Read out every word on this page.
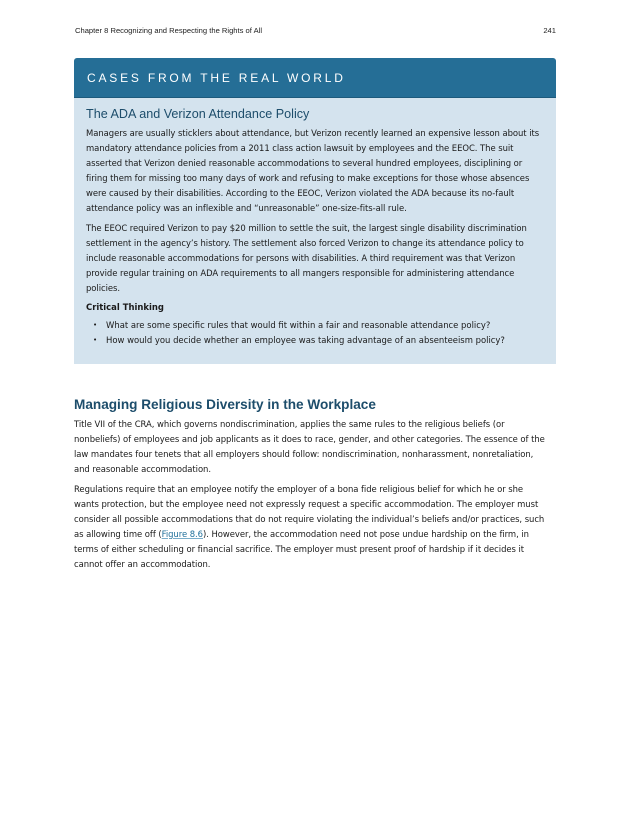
Chapter 8 Recognizing and Respecting the Rights of All	241
CASES FROM THE REAL WORLD
The ADA and Verizon Attendance Policy

Managers are usually sticklers about attendance, but Verizon recently learned an expensive lesson about its mandatory attendance policies from a 2011 class action lawsuit by employees and the EEOC. The suit asserted that Verizon denied reasonable accommodations to several hundred employees, disciplining or firing them for missing too many days of work and refusing to make exceptions for those whose absences were caused by their disabilities. According to the EEOC, Verizon violated the ADA because its no-fault attendance policy was an inflexible and “unreasonable” one-size-fits-all rule.

The EEOC required Verizon to pay $20 million to settle the suit, the largest single disability discrimination settlement in the agency’s history. The settlement also forced Verizon to change its attendance policy to include reasonable accommodations for persons with disabilities. A third requirement was that Verizon provide regular training on ADA requirements to all mangers responsible for administering attendance policies.

Critical Thinking
• What are some specific rules that would fit within a fair and reasonable attendance policy?
• How would you decide whether an employee was taking advantage of an absenteeism policy?
Managing Religious Diversity in the Workplace

Title VII of the CRA, which governs nondiscrimination, applies the same rules to the religious beliefs (or nonbeliefs) of employees and job applicants as it does to race, gender, and other categories. The essence of the law mandates four tenets that all employers should follow: nondiscrimination, nonharassment, nonretaliation, and reasonable accommodation.

Regulations require that an employee notify the employer of a bona fide religious belief for which he or she wants protection, but the employee need not expressly request a specific accommodation. The employer must consider all possible accommodations that do not require violating the individual’s beliefs and/or practices, such as allowing time off (Figure 8.6). However, the accommodation need not pose undue hardship on the firm, in terms of either scheduling or financial sacrifice. The employer must present proof of hardship if it decides it cannot offer an accommodation.
